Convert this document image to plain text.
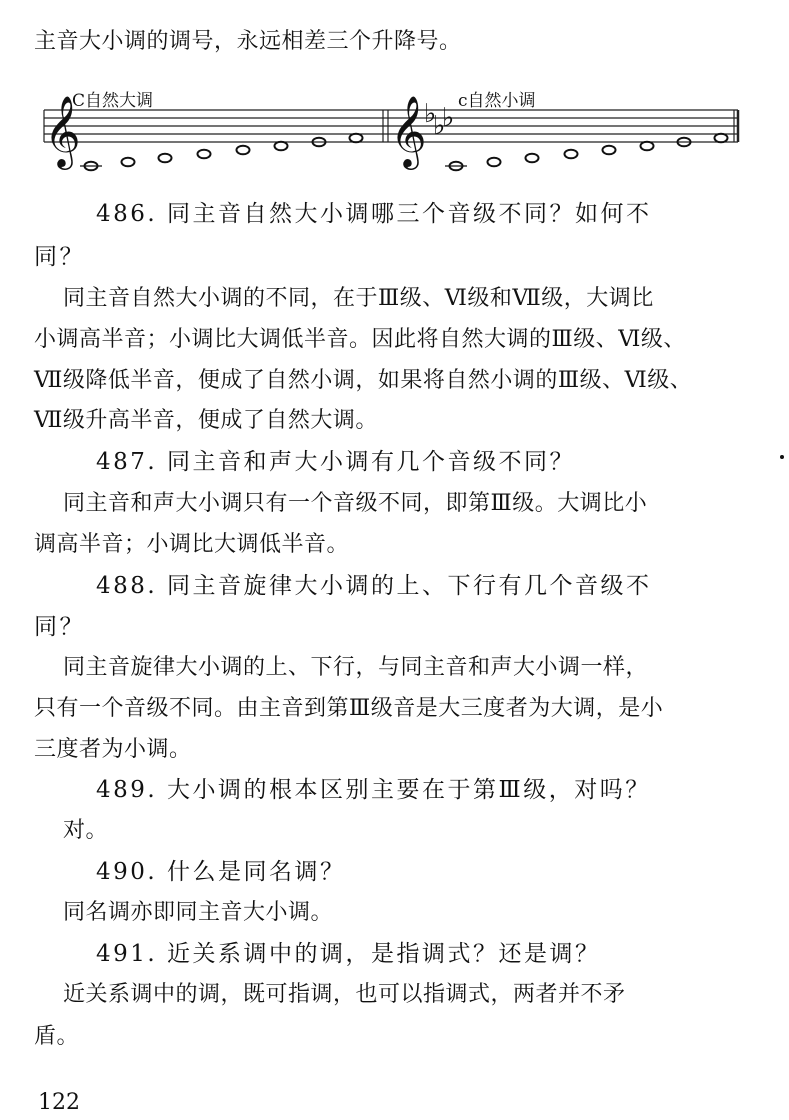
主音大小调的调号，永远相差三个升降号。
𝄞	𝄞
♭
♭
♭
C自然大调	c自然小调
486. 同主音自然大小调哪三个音级不同？如何不
同？
同主音自然大小调的不同，在于Ⅲ级、Ⅵ级和Ⅶ级，大调比
小调高半音；小调比大调低半音。因此将自然大调的Ⅲ级、Ⅵ级、
Ⅶ级降低半音，便成了自然小调，如果将自然小调的Ⅲ级、Ⅵ级、
Ⅶ级升高半音，便成了自然大调。
487. 同主音和声大小调有几个音级不同？
同主音和声大小调只有一个音级不同，即第Ⅲ级。大调比小
调高半音；小调比大调低半音。
488. 同主音旋律大小调的上、下行有几个音级不
同？
同主音旋律大小调的上、下行，与同主音和声大小调一样，
只有一个音级不同。由主音到第Ⅲ级音是大三度者为大调，是小
三度者为小调。
489. 大小调的根本区别主要在于第Ⅲ级，对吗？
对。
490. 什么是同名调？
同名调亦即同主音大小调。
491. 近关系调中的调，是指调式？还是调？
近关系调中的调，既可指调，也可以指调式，两者并不矛
盾。
122
